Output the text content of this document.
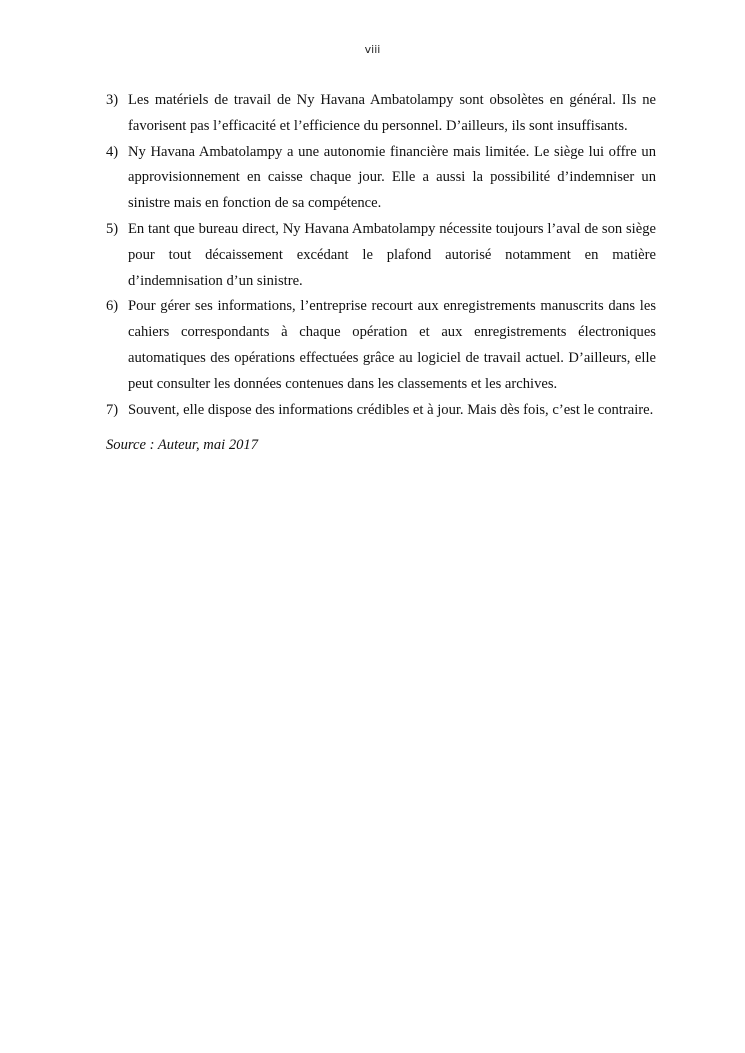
viii
3) Les matériels de travail de Ny Havana Ambatolampy sont obsolètes en général. Ils ne favorisent pas l’efficacité et l’efficience du personnel. D’ailleurs, ils sont insuffisants.
4) Ny Havana Ambatolampy a une autonomie financière mais limitée. Le siège lui offre un approvisionnement en caisse chaque jour. Elle a aussi la possibilité d’indemniser un sinistre mais en fonction de sa compétence.
5) En tant que bureau direct, Ny Havana Ambatolampy nécessite toujours l’aval de son siège pour tout décaissement excédant le plafond autorisé notamment en matière d’indemnisation d’un sinistre.
6) Pour gérer ses informations, l’entreprise recourt aux enregistrements manuscrits dans les cahiers correspondants à chaque opération et aux enregistrements électroniques automatiques des opérations effectuées grâce au logiciel de travail actuel. D’ailleurs, elle peut consulter les données contenues dans les classements et les archives.
7) Souvent, elle dispose des informations crédibles et à jour. Mais dès fois, c’est le contraire.
Source : Auteur, mai 2017
